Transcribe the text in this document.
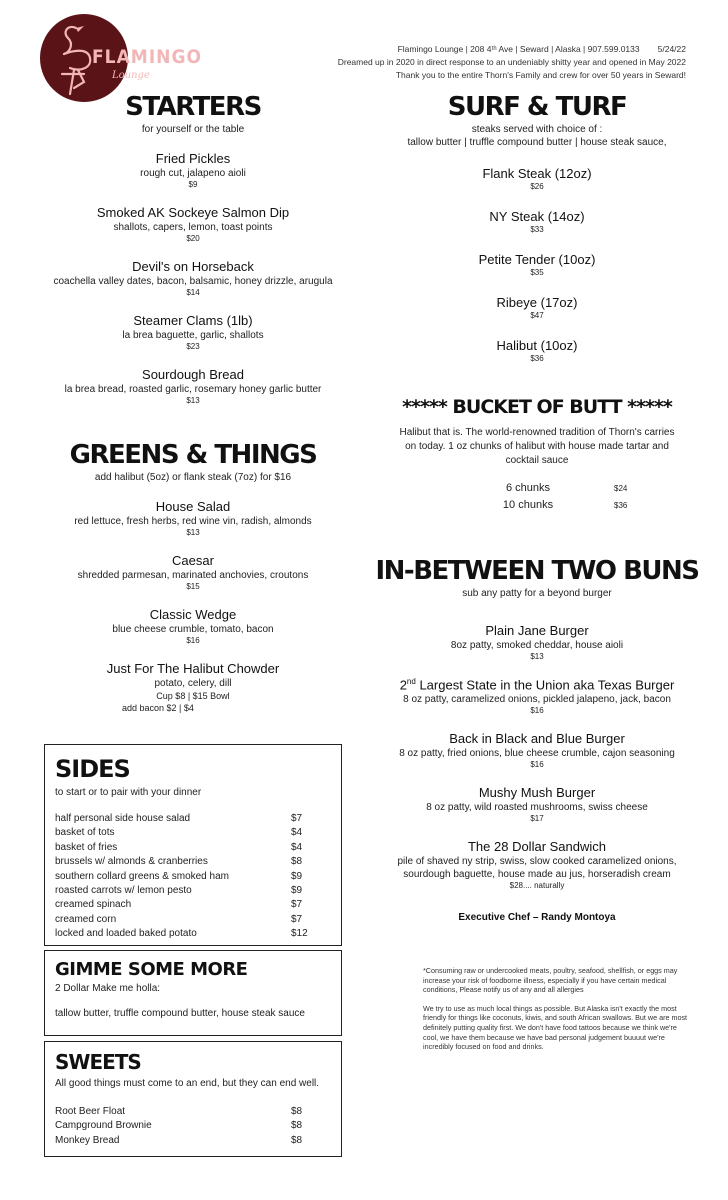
FLAMINGO
Lounge
Flamingo Lounge | 208 4ᵗʰ Ave | Seward | Alaska | 907.599.0133 5/24/22
Dreamed up in 2020 in direct response to an undeniably shitty year and opened in May 2022
Thank you to the entire Thorn's Family and crew for over 50 years in Seward!
STARTERS
for yourself or the table
Fried Pickles
rough cut, jalapeno aioli
$9
Smoked AK Sockeye Salmon Dip
shallots, capers, lemon, toast points
$20
Devil's on Horseback
coachella valley dates, bacon, balsamic, honey drizzle, arugula
$14
Steamer Clams (1lb)
la brea baguette, garlic, shallots
$23
Sourdough Bread
la brea bread, roasted garlic, rosemary honey garlic butter
$13
GREENS & THINGS
add halibut (5oz) or flank steak (7oz) for $16
House Salad
red lettuce, fresh herbs, red wine vin, radish, almonds
$13
Caesar
shredded parmesan, marinated anchovies, croutons
$15
Classic Wedge
blue cheese crumble, tomato, bacon
$16
Just For The Halibut Chowder
potato, celery, dill
Cup $8 | $15 Bowl
add bacon $2 | $4
SIDES
to start or to pair with your dinner
half personal side house salad	$7
basket of tots	$4
basket of fries	$4
brussels w/ almonds & cranberries	$8
southern collard greens & smoked ham	$9
roasted carrots w/ lemon pesto	$9
creamed spinach	$7
creamed corn	$7
locked and loaded baked potato	$12
GIMME SOME MORE
2 Dollar Make me holla:
tallow butter, truffle compound butter, house steak sauce
SWEETS
All good things must come to an end, but they can end well.
Root Beer Float	$8
Campground Brownie	$8
Monkey Bread	$8
SURF & TURF
steaks served with choice of :
tallow butter | truffle compound butter | house steak sauce,
Flank Steak (12oz)
$26
NY Steak (14oz)
$33
Petite Tender (10oz)
$35
Ribeye (17oz)
$47
Halibut (10oz)
$36
***** BUCKET OF BUTT *****
Halibut that is. The world-renowned tradition of Thorn's carries
on today. 1 oz chunks of halibut with house made tartar and
cocktail sauce
6 chunks	$24
10 chunks	$36
IN-BETWEEN TWO BUNS
sub any patty for a beyond burger
Plain Jane Burger
8oz patty, smoked cheddar, house aioli
$13
2nd Largest State in the Union aka Texas Burger
8 oz patty, caramelized onions, pickled jalapeno, jack, bacon
$16
Back in Black and Blue Burger
8 oz patty, fried onions, blue cheese crumble, cajon seasoning
$16
Mushy Mush Burger
8 oz patty, wild roasted mushrooms, swiss cheese
$17
The 28 Dollar Sandwich
pile of shaved ny strip, swiss, slow cooked caramelized onions,
sourdough baguette, house made au jus, horseradish cream
$28.... naturally
Executive Chef – Randy Montoya
*Consuming raw or undercooked meats, poultry, seafood, shellfish, or eggs may increase your risk of foodborne illness, especially if you have certain medical conditions, Please notify us of any and all allergies
We try to use as much local things as possible. But Alaska isn't exactly the most friendly for things like coconuts, kiwis, and south African swallows. But we are most definitely putting quality first. We don't have food tattoos because we think we're cool, we have them because we have bad personal judgement buuuut we're incredibly focused on food and drinks.
